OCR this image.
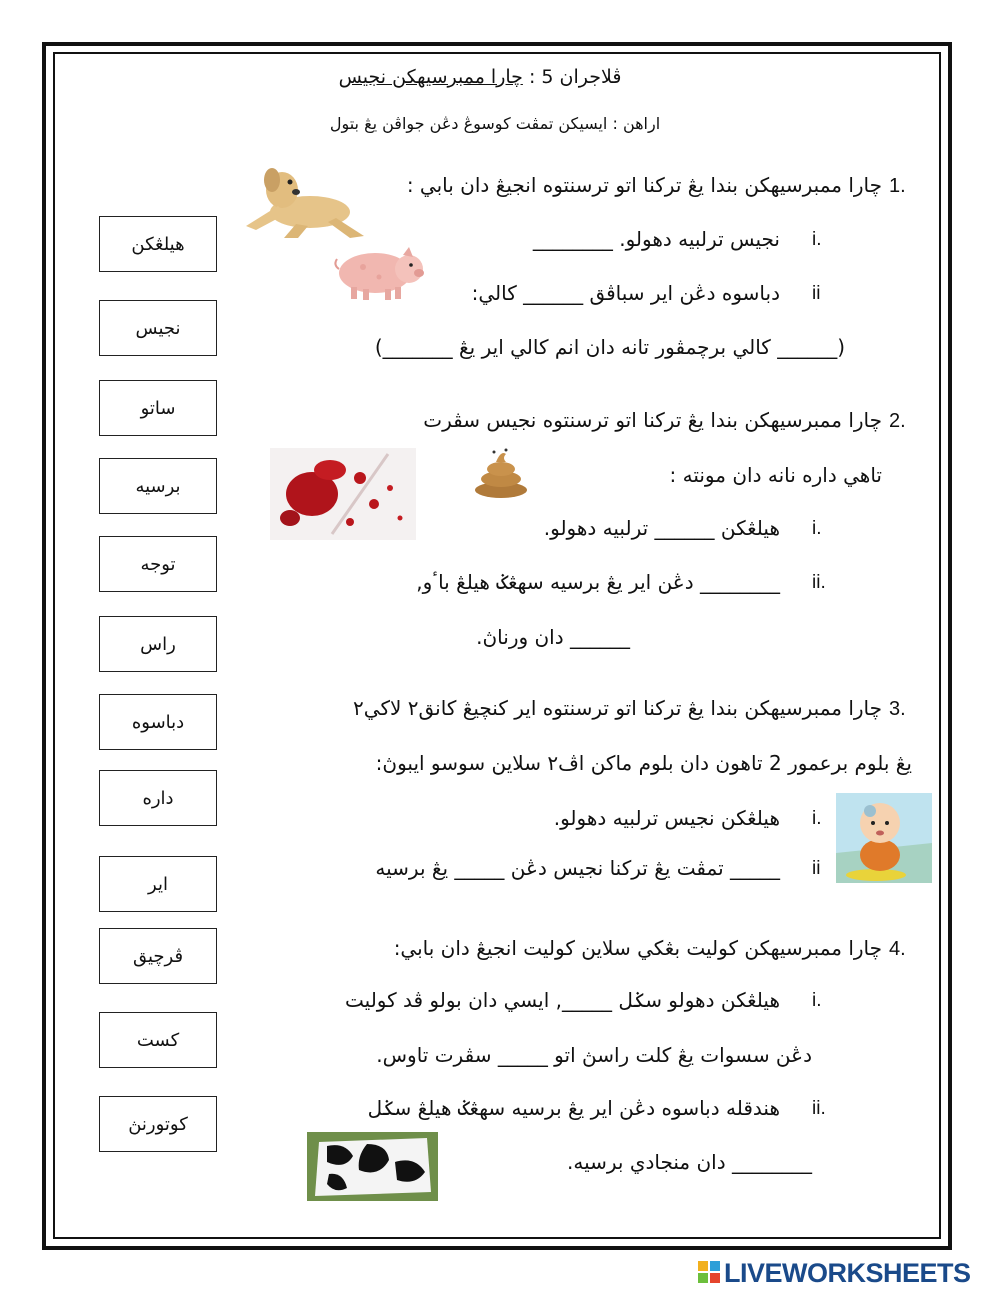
ڤلاجران 5 : چارا ممبرسيهکن نجيس
اراهن : ايسيکن تمڤت کوسوڠ دڠن جواڤن يڠ بتول
1.
چارا ممبرسيهکن بندا يڠ ترکنا اتو ترسنتوه انجيڠ دان بابي :
i.
نجيس ترلبيه دهولو. ________
ii
دباسوه دڠن اير سباڤق ______ کالي:
(______ کالي برچمڤور تانه دان انم کالي اير يڠ _______)
2.
چارا ممبرسيهکن بندا يڠ ترکنا اتو ترسنتوه نجيس سڤرت
تاهي داره نانه دان مونته :
i.
هيلڠکن ______ ترلبيه دهولو.
ii.
________ دڠن اير يڠ برسيه سهڠݢ هيلڠ باٴو,
______ دان ورناڽ.
3.
چارا ممبرسيهکن بندا يڠ ترکنا اتو ترسنتوه اير کنچيڠ کانق٢ لاکي٢
يڠ بلوم برعمور 2 تاهون دان بلوم ماکن اڤ٢ سلاين سوسو ايبوڽ:
i.
هيلڠکن نجيس ترلبيه دهولو.
ii
_____ تمڤت يڠ ترکنا نجيس دڠن _____ يڠ برسيه
4.
چارا ممبرسيهکن کوليت بڠکي سلاين کوليت انجيڠ دان بابي:
i.
هيلڠکن دهولو سݢل _____, ايسي دان بولو ڤد کوليت
دڠن سسوات يڠ کلت راسڽ اتو _____ سڤرت تاوس.
ii.
هندقله دباسوه دڠن اير يڠ برسيه سهڠݢ هيلڠ سݢل
________ دان منجادي برسيه.
هيلڠکن
نجيس
ساتو
برسيه
توجه
راس
دباسوه
داره
اير
ڤرچيق
کست
کوتورنڽ
LIVEWORKSHEETS
